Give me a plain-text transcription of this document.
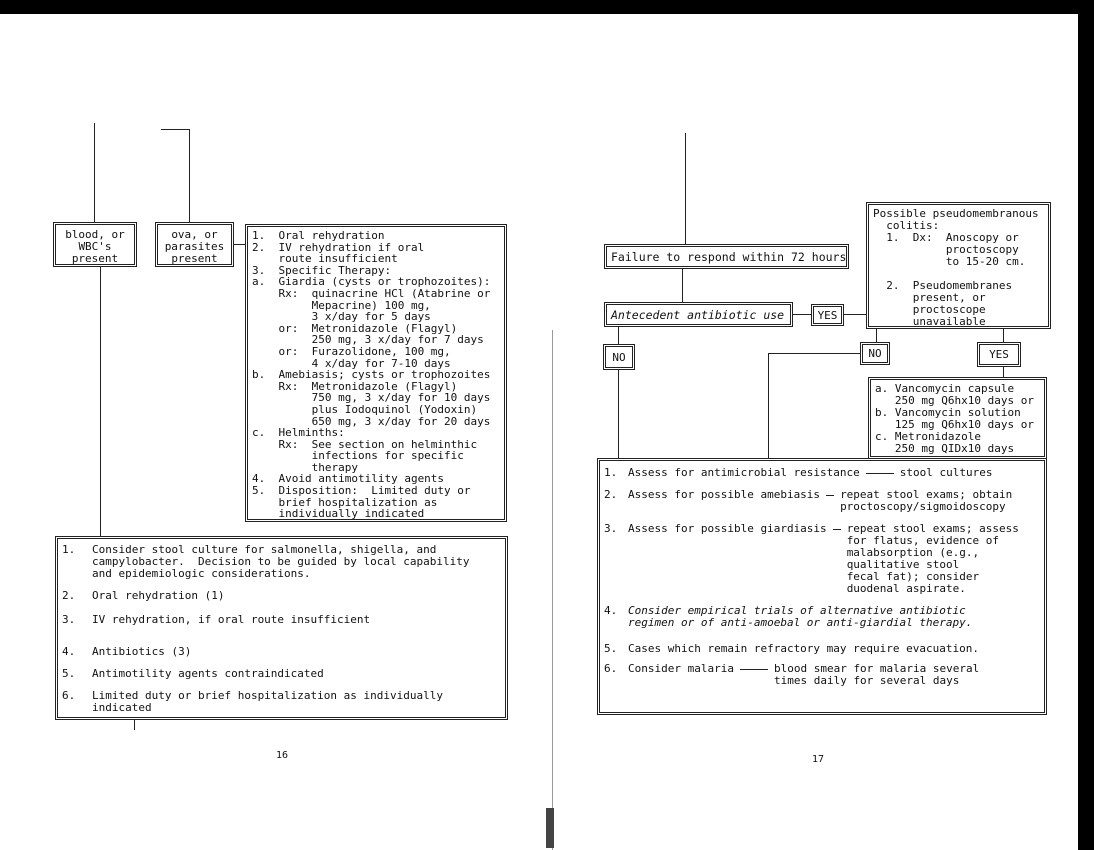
blood, or
WBC's
present
ova, or
parasites
present
1.  Oral rehydration
2.  IV rehydration if oral
route insufficient
3.  Specific Therapy:
a.  Giardia (cysts or trophozoites):
Rx:  quinacrine HCl (Atabrine or
Mepacrine) 100 mg,
3 x/day for 5 days
or:  Metronidazole (Flagyl)
250 mg, 3 x/day for 7 days
or:  Furazolidone, 100 mg,
4 x/day for 7-10 days
b.  Amebiasis; cysts or trophozoites
Rx:  Metronidazole (Flagyl)
750 mg, 3 x/day for 10 days
plus Iodoquinol (Yodoxin)
650 mg, 3 x/day for 20 days
c.  Helminths:
Rx:  See section on helminthic
infections for specific
therapy
4.  Avoid antimotility agents
5.  Disposition:  Limited duty or
brief hospitalization as
individually indicated
1.	Consider stool culture for salmonella, shigella, and
campylobacter.  Decision to be guided by local capability
and epidemiologic considerations.
2.	Oral rehydration (1)
3.	IV rehydration, if oral route insufficient
4.	Antibiotics (3)
5.	Antimotility agents contraindicated
6.	Limited duty or brief hospitalization as individually
indicated
16
Failure to respond within 72 hours
Antecedent antibiotic use	YES
NO
Possible pseudomembranous
colitis:
1.  Dx:  Anoscopy or
proctoscopy
to 15-20 cm.

2.  Pseudomembranes
present, or
proctoscope
unavailable
NO	YES
a. Vancomycin capsule
250 mg Q6hx10 days or
b. Vancomycin solution
125 mg Q6hx10 days or
c. Metronidazole
250 mg QIDx10 days
1. Assess for antimicrobial resistance	stool cultures
2. Assess for possible amebiasis repeat stool exams; obtain
proctoscopy/sigmoidoscopy
3. Assess for possible giardiasis repeat stool exams; assess
for flatus, evidence of
malabsorption (e.g.,
qualitative stool
fecal fat); consider
duodenal aspirate.
4. Consider empirical trials of alternative antibiotic
regimen or of anti-amoebal or anti-giardial therapy.
5. Cases which remain refractory may require evacuation.
6. Consider malaria	blood smear for malaria several
times daily for several days
17
